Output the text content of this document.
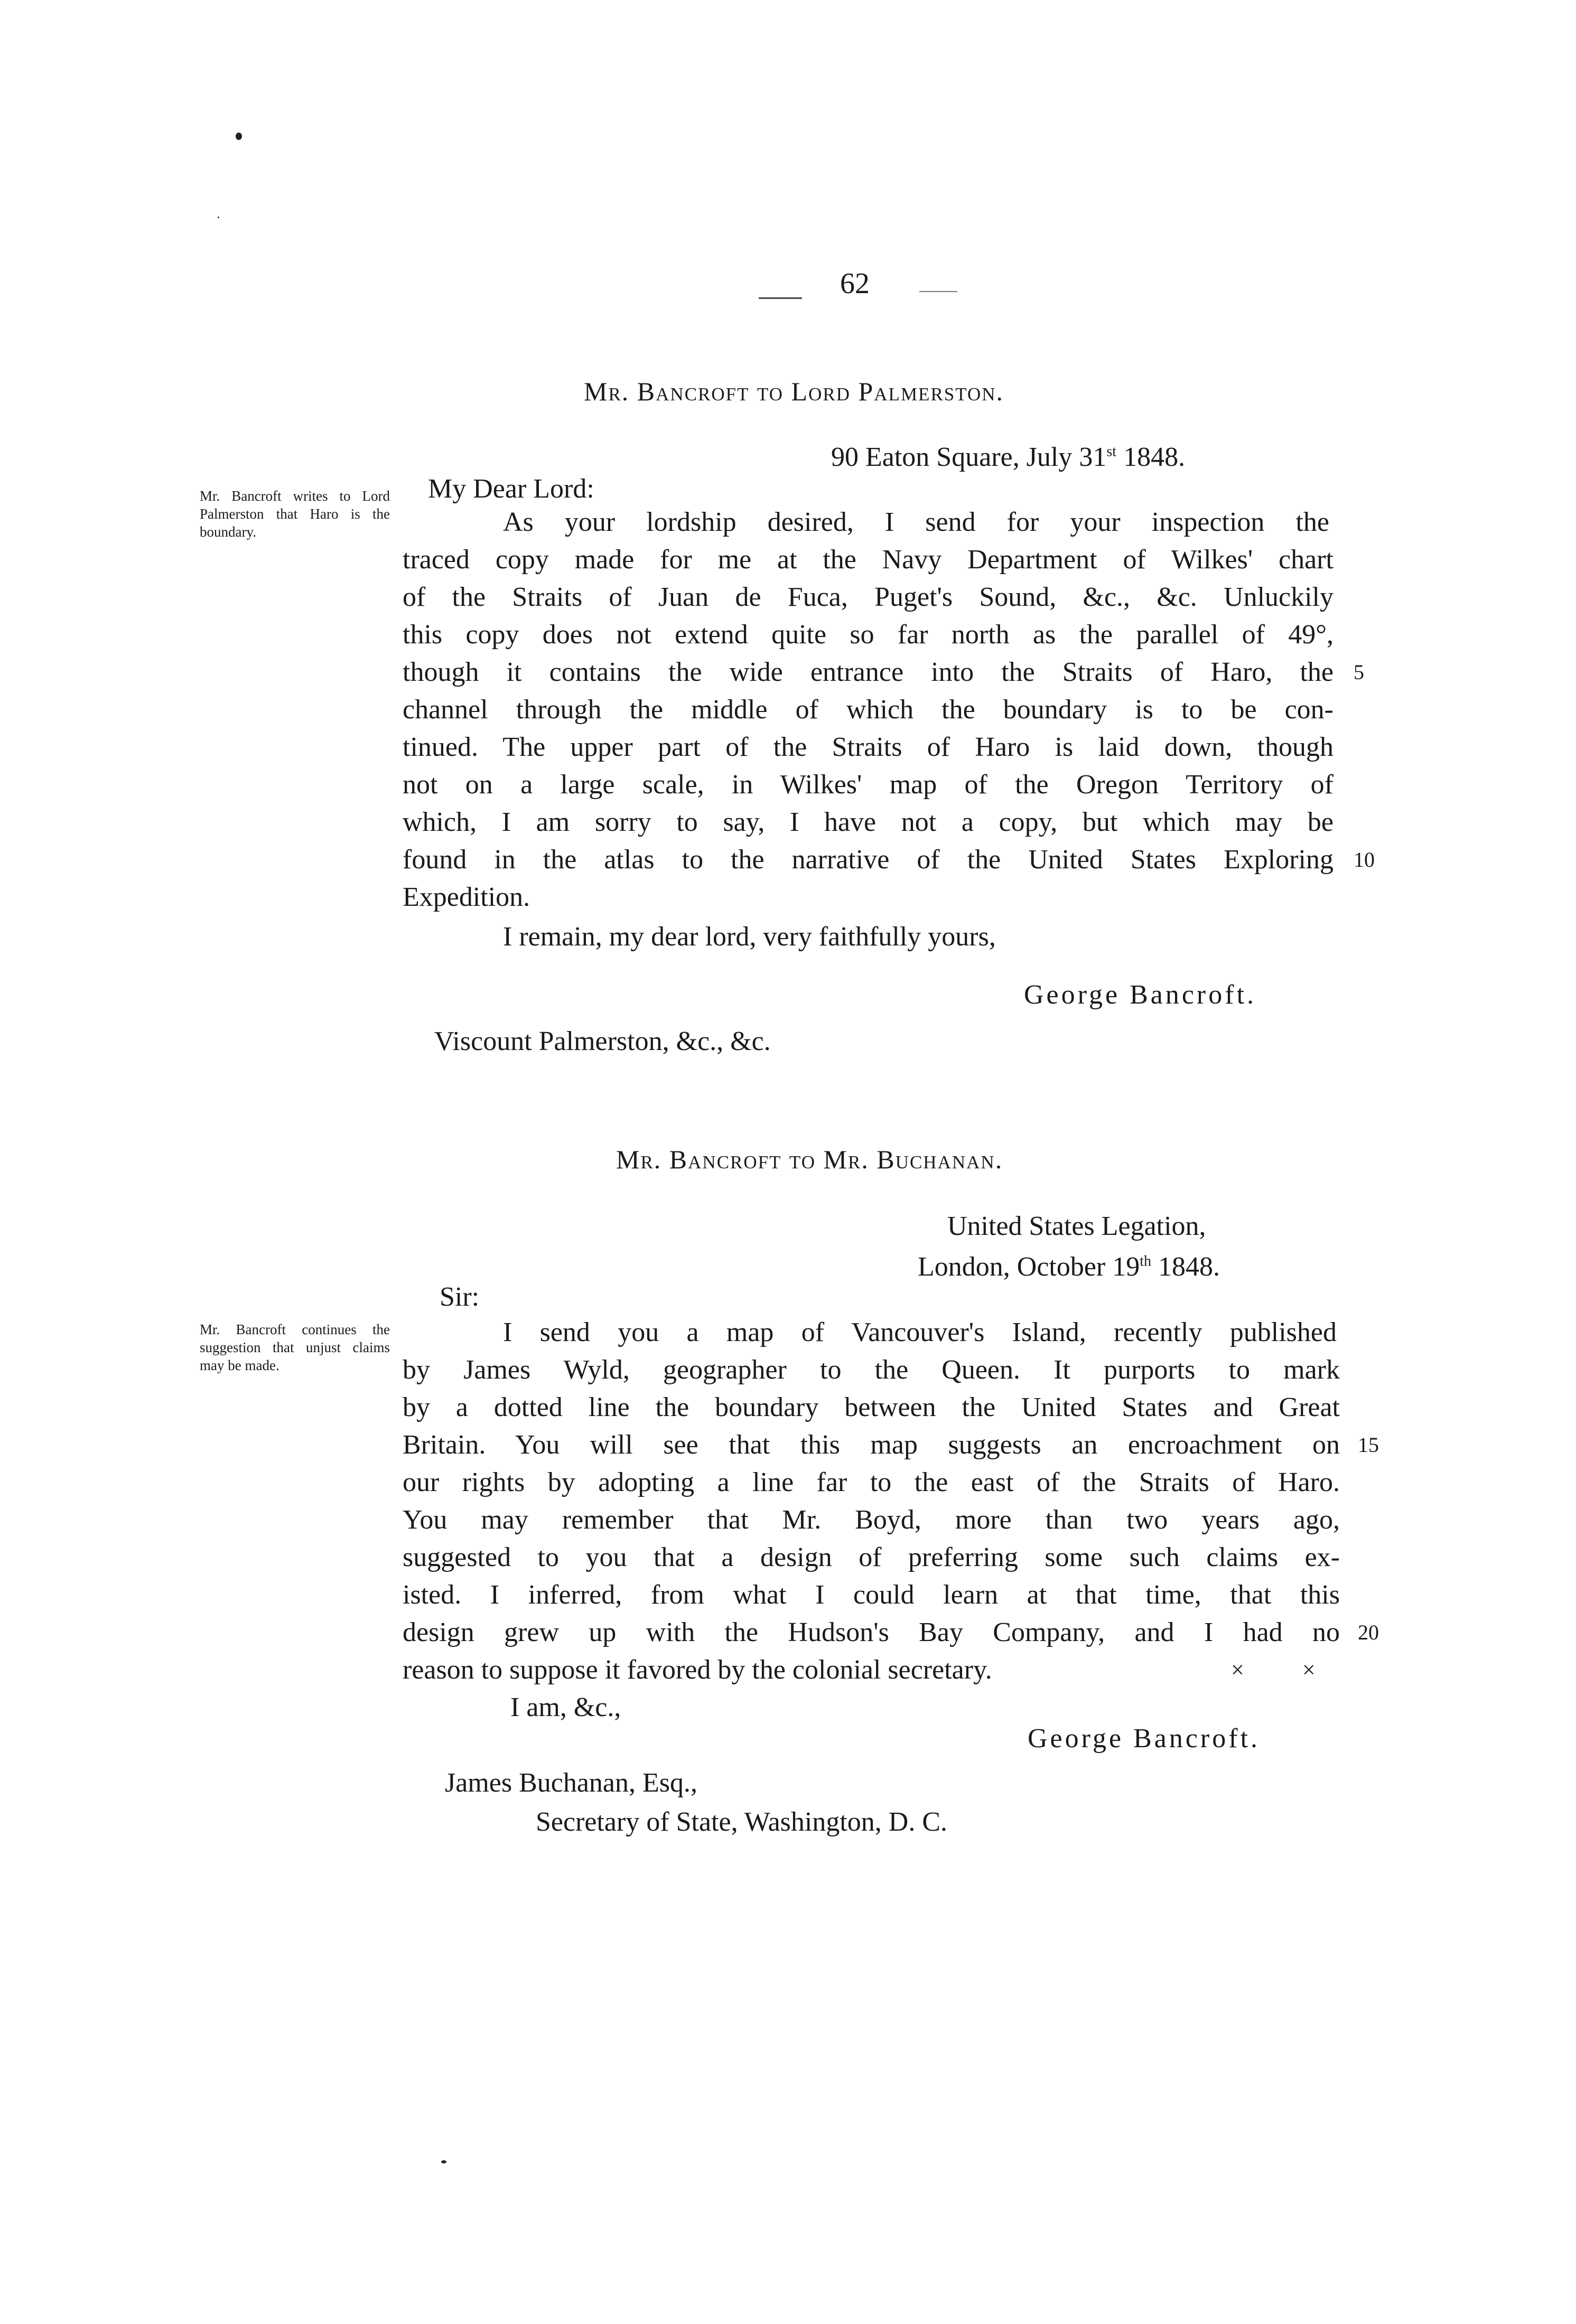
62
Mr. Bancroft to Lord Palmerston.
90 Eaton Square, July 31st 1848.
My Dear Lord:
Mr. Bancroft writes to Lord Palmerston that Haro is the boundary.	As your lordship desired, I send for your inspection the
traced copy made for me at the Navy Department of Wilkes' chart
of the Straits of Juan de Fuca, Puget's Sound, &c., &c. Unluckily
this copy does not extend quite so far north as the parallel of 49°,
though it contains the wide entrance into the Straits of Haro, the
channel through the middle of which the boundary is to be con-
tinued. The upper part of the Straits of Haro is laid down, though
not on a large scale, in Wilkes' map of the Oregon Territory of
which, I am sorry to say, I have not a copy, but which may be
found in the atlas to the narrative of the United States Exploring
Expedition.
5
10
I remain, my dear lord, very faithfully yours,
George Bancroft.
Viscount Palmerston, &c., &c.
Mr. Bancroft to Mr. Buchanan.
United States Legation,
London, October 19th 1848.
Sir:
Mr. Bancroft continues the suggestion that unjust claims may be made.
I send you a map of Vancouver's Island, recently published
by James Wyld, geographer to the Queen. It purports to mark
by a dotted line the boundary between the United States and Great
Britain. You will see that this map suggests an encroachment on
our rights by adopting a line far to the east of the Straits of Haro.
You may remember that Mr. Boyd, more than two years ago,
suggested to you that a design of preferring some such claims ex-
isted. I inferred, from what I could learn at that time, that this
design grew up with the Hudson's Bay Company, and I had no
reason to suppose it favored by the colonial secretary.	×          ×
15
20
I am, &c.,
George Bancroft.
James Buchanan, Esq.,
Secretary of State, Washington, D. C.
